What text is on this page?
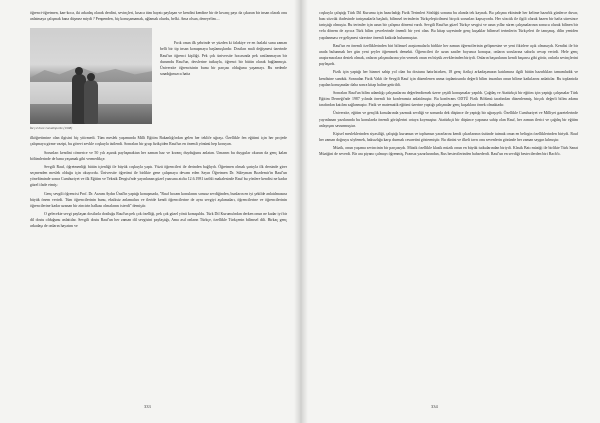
öğrenci-öğretmen, kan-koca, iki arkadaş olarak derdini, sevinçleri, kısaca tüm hayatı paylaşan ve kendini kendine bir de kıvanç payı da çıkaran bir insan olarak onu anlatmaya çalışmak bana düşmez miydi ? Penpenden, hiç konuşamamak, ağlamak olurdu, belki. Ama olsun, deneyelim....

Fırık onun ilk şehrinde ve yüzden ki falakiye ve en fazlaki sunu zaman belli bir tip insan konuşmaya başlamışlardır. Dostları mali değişmesi üzerinde Rauf'un öğrenci kişiliği. Pek çok üniversite hocasında pek rastlanmayan bir durumdu Rauf'un, derslerine tutkuyla, öğrenci bir bütün olarak bağlanmıştı. Üniversite öğrencisinin bunu bir parçası olduğunu yaşamayı. Bu nedenle sınadığımızca hatta

İki yıl önce Gevalispo'de (1998)

ilköğretimine olan ilgisini hiç yitirmedi. Tüm meslek yaşamında Milli Eğitim Bakanlığı'ndan gelen her teklife uğraşı. Özellikle fen eğitimi için her projede çalışmaya girme vazipi, bu görevi zevkle coşkuyla üstlendi. Sonraları bir grup fizikçiden Rauf'un en önemli yönünü hep koruyan.

Sorunları kendini cömertce ve 50 yılı aşarak paylaşmaktan her zaman haz ve kıvanç duyduğunu anlatan. Umarım bu duygular okurun da genç kalan bölümlerinde de bana yaşamak gibi vermedikçe.

Sevgili Rauf, öğretmenliği bütün içtenliği ile büyük coşkuyla yaptı. Yüzü öğrencileri ile derinden bağlıydı. Öğretmen olmak şartıyla ilk dersinde girer seçmenden meslek olduğu için okuyordu. Üniversite öğretimi ile birlikte gene çalışmaya devam eden Sayın Öğretmen Dr. Süleyman Bozdemir'in Rauf'un yöneltiminde sonra Cumhuriyet ve ilk Eğitim ve Teknik Dergisi'nde yayınlanan güzel yazısına atıfta 12.6.1981 tarihli makalesinde Rauf bu yönlere kendisi ne kadar güzel ifade etmiş:

Genç sevgili öğrencisi Prof. Dr. Arzum Aydın Ünal'in yaptığı konuşmada, "Rauf hocam konularını sonsuz sevdiğinden, bunların en iyi şekilde anlatılmasına büyük önem verirdi. Tüm öğrencilerinin bunu, eksiksiz anlamaları ve ileride kendi öğrencilerine de aynı sevgiyi aşılamaları, öğrencilerine ve öğrencilerinin öğrencilerine kadar uzanan bir zincirin halkası olmalarını isterdi" demiştir.

O gelecekte sevgi paylaşan dostlarla dostluğu Rauf'un pek çok özelliği, pek çok güzel yönü konuşuldu. Türk Dil Kurumu'ndan derken onun ne kadar iyi bir dil dostu olduğunu anlattılar. Sevgili dostu Rauf'un her zaman dil sevgisini paylaştığı, Ama asıl onların Türkçe, özellikle Türkçenin bilimsel dili. Birkaç genç arkadaşı de onların hayatını ve

333

coşkuyla çalıştığı Türk Dil Kurumu için hazırladığı Fizik Terimleri Sözlüğü sonunu bu alanda tek kaynak. Bu çalışma ekininde her kelime hazırlık günlerce duvar, bazı sözcük ifadesinde tartışmalarla başladı, bilimsel terimlerin Türkçeleştirilmesi birçok sorunları kapsıyordu. Her sözcük ile ilgili olarak bazen bir hafta süresince tartıştığı olmuştu. Bu terimler için uzun bir çalışma dönemi vardı. Sevgili Rauf'un güzel Türkçe sevgisi ve uzun yıllar süren çalışmalarının sonucu olarak bilinen bir vefa dönem de ayrıca Türk bilim çevrelerinde önemli bir yeri olan. Bu kitap sayesinde genç kuşaklar bilimsel terimlerin Türkçeleri ile tanışmış, dilin yeniden yapılanması ve gelişmesi sürecine önemli katkıda bulunmuştur.

Rauf'un en önemli özelliklerinden biri bilimsel araştırmalarla birlikte her zaman öğrencilerinin gelişmesine ve yeni fikirlere açık olmasıydı. Kendisi ile bir arada bulunmak her gün yeni şeyler öğrenmek demekti. Öğrencileri ile uzun saatler boyunca konuşur, onların sorularına sabırla cevap verirdi. Hele genç araştırmacılara destek olmak, onların çalışmalarına yön vermek onun en büyük zevklerinden biriydi. Onların başarılarını kendi başarısı gibi görür, onlarla sevinçlerini paylaşırdı.

Fizik için yaptığı her hizmet sahip yol olan bu dostunu hatırlatırken, 18 genç fizikçi arkadaşımızın katılımına ilgili bütün hazırlıkları tamamladık ve kendisine sunduk. Sonradan Fizik Vakfı ile Sevgili Rauf için düzenlenen anma toplantısında değerli bilim insanları onun bilime katkılarını anlattılar. Bu toplantıda yapılan konuşmalar daha sonra kitap haline getirildi.

Sonraları Rauf'un bilim adamlığı çalışmalarını değerlendirmek üzere çeşitli konuşmalar yapıldı. Çağdaş ve Atatürkçü bir eğitim için yaptığı çalışmalar Türk Eğitim Derneği'nde 1987 yılında önemli bir konferansta anlatılmıştır. Bu konferans ODTÜ Fizik Bölümü tarafından düzenlenmiş, birçok değerli bilim adamı tarafından katılım sağlanmıştır. Fizik ve matematik eğitimi üzerine yaptığı çalışmalar genç kuşaklara örnek olmaktadır.

Üniversite, eğitim ve gençlik konularında yazmak sevdiği ve sonunda dek düşünce ile yaptığı bir uğraşıydı. Özellikle Cumhuriyet ve Milliyet gazetelerinde yayınlanan yazılarında bu konularda önemli görüşlerini ortaya koymuştur. Atatürkçü bir düşünce yapısına sahip olan Rauf, her zaman ilerici ve çağdaş bir eğitim anlayışını savunmuştur.

Kişisel mesleklerinden siyasiliği, çalıştığı kurumun ve toplumun yararlarını kendi çıkarlarının üstünde tutmak onun en belirgin özelliklerinden biriydi. Rauf her zaman doğruyu söylemek, haksızlığa karşı durmak cesaretini göstermiştir. Bu dürüst ve ilkeli tavrı onu sevenlerin gözünde her zaman saygın kılmıştır.

Müzik, onun yaşama sevincinin bir parçasıydı. Müzik özellikle klasik müzik onun en büyük tutkularından biriydi. Klasik Batı müziği ile birlikte Türk Sanat Müziğini de severdi. Bir ara piyano çalmayı öğrenmiş, Fransız yazarlarından, Rus bestecilerinden bahsederdi. Rauf'un en sevdiği bestecilerden biri Bach'tı.

334
